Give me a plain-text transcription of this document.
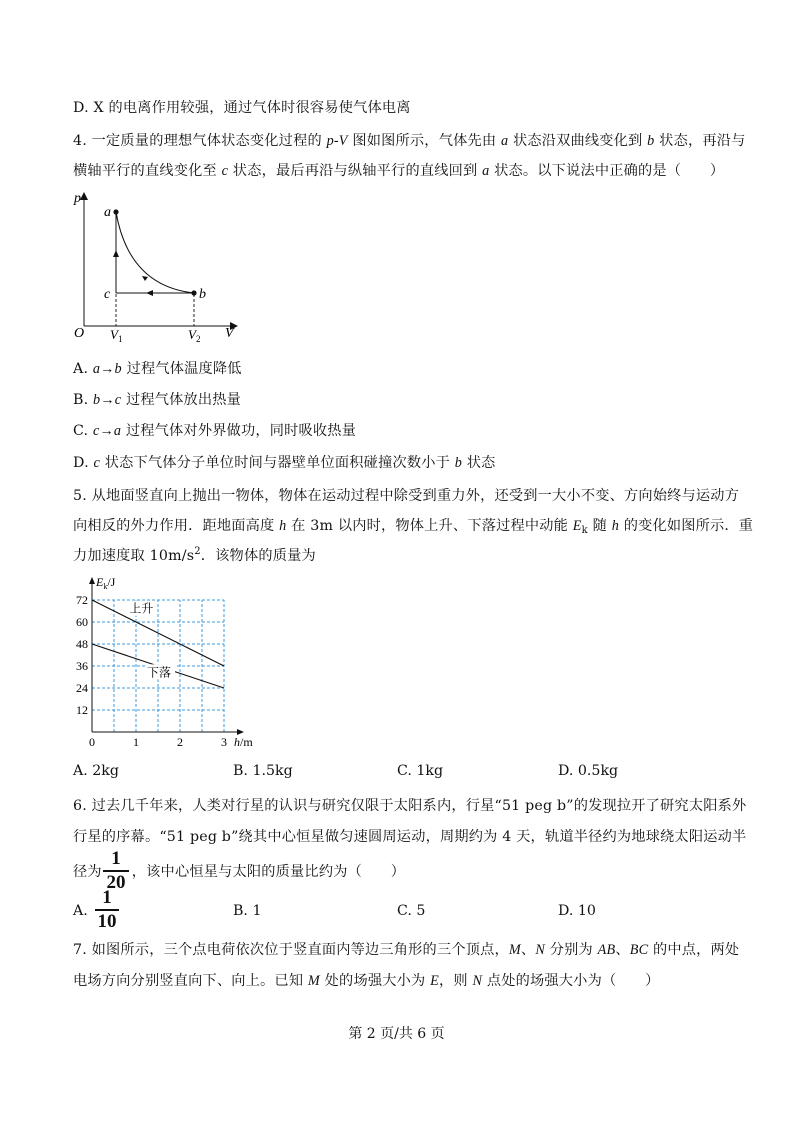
D. X 的电离作用较强，通过气体时很容易使气体电离
4. 一定质量的理想气体状态变化过程的 p-V 图如图所示，气体先由 a 状态沿双曲线变化到 b 状态，再沿与
横轴平行的直线变化至 c 状态，最后再沿与纵轴平行的直线回到 a 状态。以下说法中正确的是（　　）
p
V
O
a
b
c
$V_1$	$V_2$
A. a→b 过程气体温度降低
B. b→c 过程气体放出热量
C. c→a 过程气体对外界做功，同时吸收热量
D. c 状态下气体分子单位时间与器壁单位面积碰撞次数小于 b 状态
5. 从地面竖直向上抛出一物体，物体在运动过程中除受到重力外，还受到一大小不变、方向始终与运动方
向相反的外力作用．距地面高度 h 在 3m 以内时，物体上升、下落过程中动能 $E_k$ 随 h 的变化如图所示．重
力加速度取 $10m/s^2$．该物体的质量为
12
24
36
48
60
72
0	1	2	3
$E_k/J$
h/m
上升
下落
A. 2kg	B. 1.5kg	C. 1kg	D. 0.5kg
6. 过去几千年来，人类对行星的认识与研究仅限于太阳系内，行星“51 peg b”的发现拉开了研究太阳系外
行星的序幕。“51 peg b”绕其中心恒星做匀速圆周运动，周期约为 4 天，轨道半径约为地球绕太阳运动半
径为 ，该中心恒星与太阳的质量比约为（　　）
1
20
A.
1
10	B. 1	C. 5	D. 10
7. 如图所示，三个点电荷依次位于竖直面内等边三角形的三个顶点，M、N 分别为 AB、BC 的中点，两处
电场方向分别竖直向下、向上。已知 M 处的场强大小为 E，则 N 点处的场强大小为（　　）
第 2 页/共 6 页
